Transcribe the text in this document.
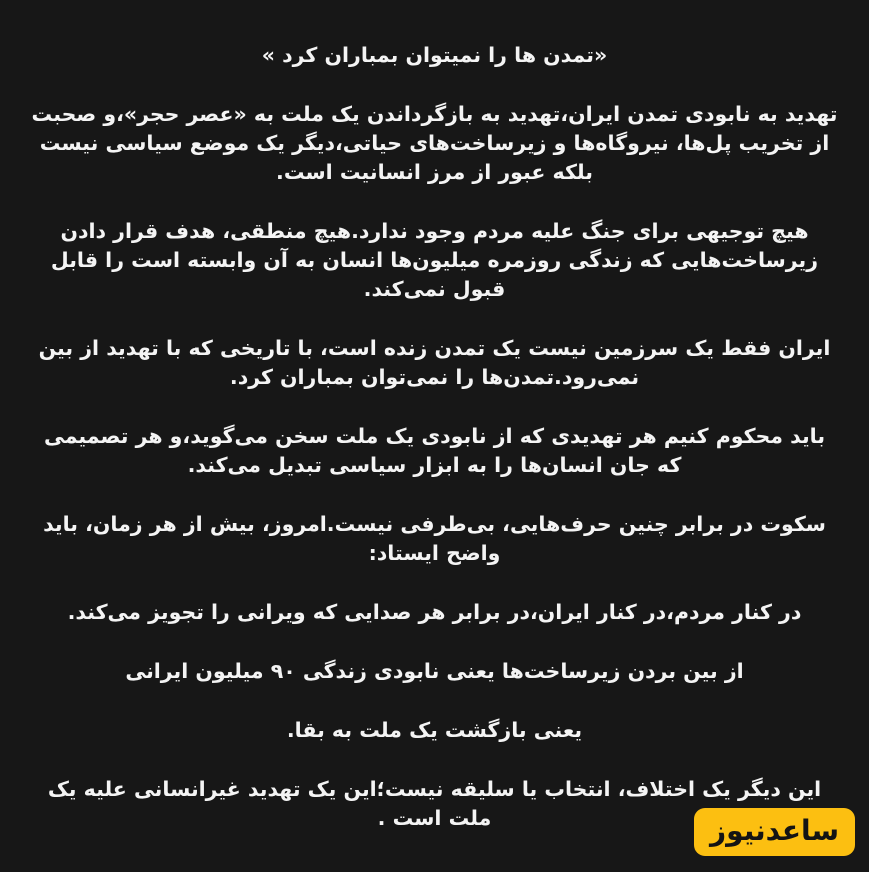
«تمدن ها را نمیتوان بمباران کرد »

تهدید به نابودی تمدن ایران،تهدید به بازگرداندن یک ملت به «عصر حجر»،و صحبت از تخریب پل‌ها، نیروگاه‌ها و زیرساخت‌های حیاتی،دیگر یک موضع سیاسی نیست بلکه عبور از مرز انسانیت است.

هیچ توجیهی برای جنگ علیه مردم وجود ندارد.هیچ منطقی، هدف قرار دادن زیرساخت‌هایی که زندگی روزمره میلیون‌ها انسان به آن وابسته است را قابل قبول نمی‌کند.

ایران فقط یک سرزمین نیست یک تمدن زنده است، با تاریخی که با تهدید از بین نمی‌رود.تمدن‌ها را نمی‌توان بمباران کرد.

باید محکوم کنیم هر تهدیدی که از نابودی یک ملت سخن می‌گوید،و هر تصمیمی که جان انسان‌ها را به ابزار سیاسی تبدیل می‌کند.

سکوت در برابر چنین حرف‌هایی، بی‌طرفی نیست.امروز، بیش از هر زمان، باید واضح ایستاد:

در کنار مردم،در کنار ایران،در برابر هر صدایی که ویرانی را تجویز می‌کند.

از بین بردن زیرساخت‌ها یعنی نابودی زندگی ۹۰ میلیون ایرانی

یعنی بازگشت یک ملت به بقا.

این دیگر یک اختلاف، انتخاب یا سلیقه نیست؛این یک تهدید غیرانسانی علیه یک ملت است .	ساعدنیوز
